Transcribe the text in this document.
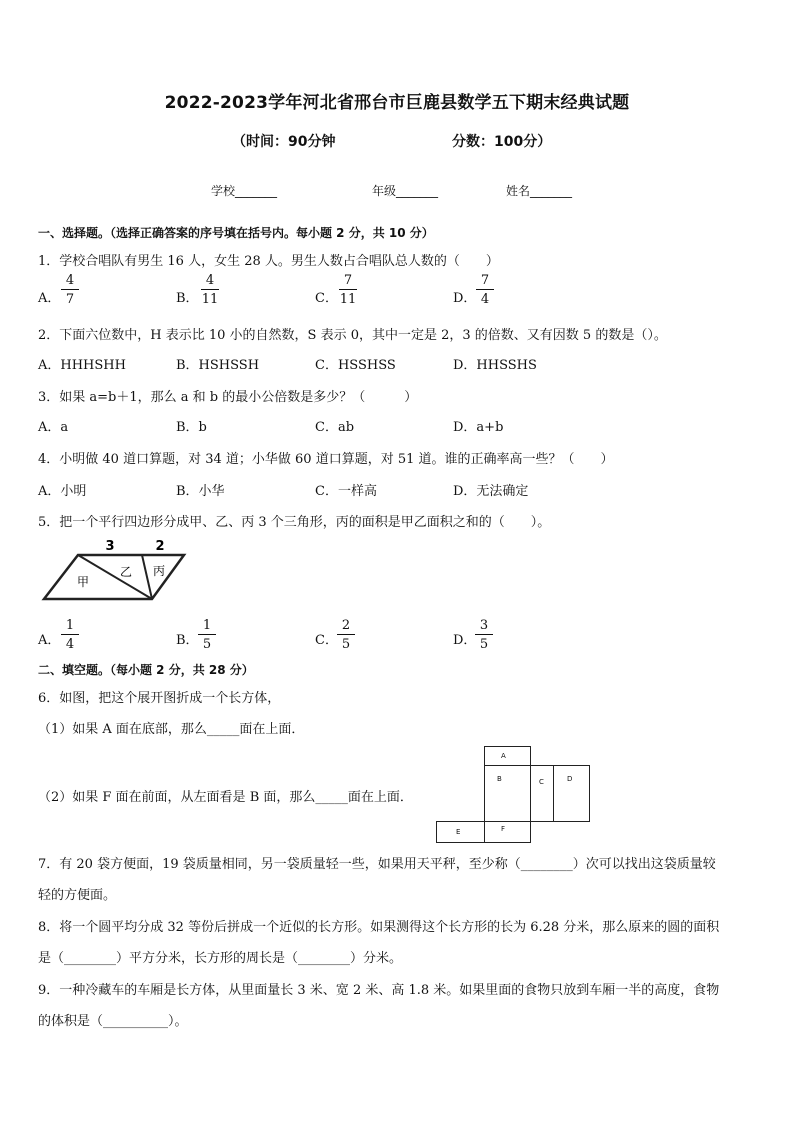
2022-2023学年河北省邢台市巨鹿县数学五下期末经典试题
（时间：90分钟	分数：100分）
学校_______	年级_______	姓名_______
一、选择题。（选择正确答案的序号填在括号内。每小题 2 分，共 10 分）
1．学校合唱队有男生 16 人，女生 28 人。男生人数占合唱队总人数的（　　）
A．
4
7	B．
4
11	C．
7
11	D．
7
4
2．下面六位数中，H 表示比 10 小的自然数，S 表示 0，其中一定是 2，3 的倍数、又有因数 5 的数是（）。
A．HHHSHH	B．HSHSSH	C．HSSHSS	D．HHSSHS
3．如果 a=b＋1，那么 a 和 b 的最小公倍数是多少？（　　　）
A．a	B．b	C．ab	D．a+b
4．小明做 40 道口算题，对 34 道；小华做 60 道口算题，对 51 道。谁的正确率高一些？（　　）
A．小明	B．小华	C．一样高	D．无法确定
5．把一个平行四边形分成甲、乙、丙 3 个三角形，丙的面积是甲乙面积之和的（　　）。
3	2
甲
乙 丙
A．
1
4	B．
1
5	C．
2
5	D．
3
5
二、填空题。（每小题 2 分，共 28 分）
6．如图，把这个展开图折成一个长方体，
（1）如果 A 面在底部，那么_____面在上面．
（2）如果 F 面在前面，从左面看是 B 面，那么_____面在上面．
A
B	C	D
E	F
7．有 20 袋方便面，19 袋质量相同，另一袋质量轻一些，如果用天平秤，至少称（________）次可以找出这袋质量较
轻的方便面。
8．将一个圆平均分成 32 等份后拼成一个近似的长方形。如果测得这个长方形的长为 6.28 分米，那么原来的圆的面积
是（________）平方分米，长方形的周长是（________）分米。
9．一种冷藏车的车厢是长方体，从里面量长 3 米、宽 2 米、高 1.8 米。如果里面的食物只放到车厢一半的高度，食物
的体积是（__________）。
